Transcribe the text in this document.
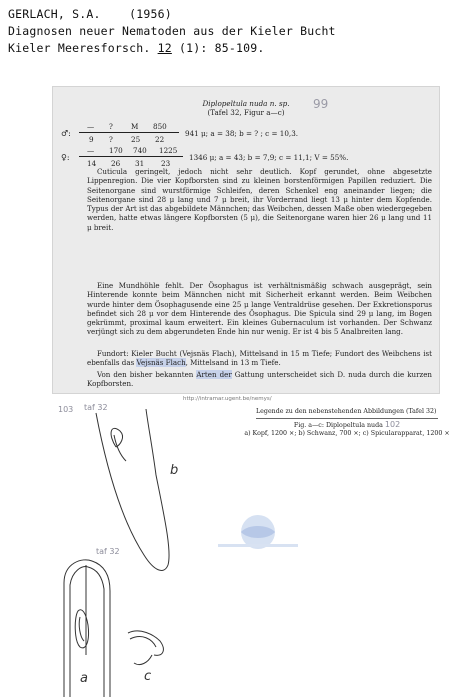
GERLACH, S.A. (1956)
Diagnosen neuer Nematoden aus der Kieler Bucht
Kieler Meeresforsch. 12 (1): 85-109.
Diplopeltula nuda n. sp.
(Tafel 32, Figur a—c)
99
♂:
— ?	M 850
9 ?	25 22
941 μ; a = 38; b = ? ; c = 10,3.
♀:
— 170 740 1225
14 26 31 23
1346 μ; a = 43; b = 7,9; c = 11,1; V = 55%.
Cuticula geringelt, jedoch nicht sehr deutlich. Kopf gerundet, ohne abgesetzte Lippenregion. Die vier Kopfborsten sind zu kleinen borstenförmigen Papillen reduziert. Die Seitenorgane sind wurstförmige Schleifen, deren Schenkel eng aneinander liegen; die Seitenorgane sind 28 μ lang und 7 μ breit, ihr Vorderrand liegt 13 μ hinter dem Kopfende. Typus der Art ist das abgebildete Männchen; das Weibchen, dessen Maße oben wiedergegeben werden, hatte etwas längere Kopfborsten (5 μ), die Seitenorgane waren hier 26 μ lang und 11 μ breit.
Eine Mundhöhle fehlt. Der Ösophagus ist verhältnismäßig schwach ausgeprägt, sein Hinterende konnte beim Männchen nicht mit Sicherheit erkannt werden. Beim Weibchen wurde hinter dem Ösophagusende eine 25 μ lange Ventraldrüse gesehen. Der Exkretionsporus befindet sich 28 μ vor dem Hinterende des Ösophagus. Die Spicula sind 29 μ lang, im Bogen gekrümmt, proximal kaum erweitert. Ein kleines Gubernaculum ist vorhanden. Der Schwanz verjüngt sich zu dem abgerundeten Ende hin nur wenig. Er ist 4 bis 5 Analbreiten lang.
Fundort: Kieler Bucht (Vejsnäs Flach), Mittelsand in 15 m Tiefe; Fundort des Weibchens ist ebenfalls das Vejsnäs Flach, Mittelsand in 13 m Tiefe.
Von den bisher bekannten Arten der Gattung unterscheidet sich D. nuda durch die kurzen Kopfborsten.
http://intramar.ugent.be/nemys/
Legende zu den nebenstehenden Abbildungen (Tafel 32)
Fig. a—c: Diplopeltula nuda 102
a) Kopf, 1200 ×; b) Schwanz, 700 ×; c) Spicularapparat, 1200 ×
103 taf 32
taf 32
b
a	c
